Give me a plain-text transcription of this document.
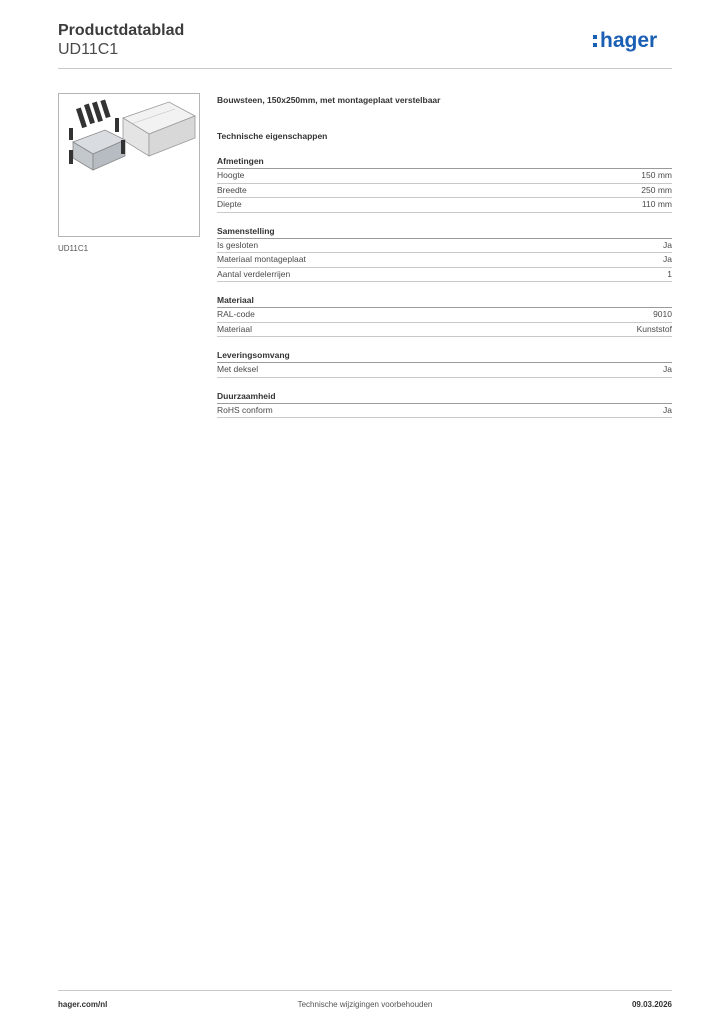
Productdatablad
UD11C1	hager
UD11C1
Bouwsteen, 150x250mm, met montageplaat verstelbaar
Technische eigenschappen
Afmetingen
Hoogte	150 mm
Breedte	250 mm
Diepte	110 mm
Samenstelling
Is gesloten	Ja
Materiaal montageplaat	Ja
Aantal verdelerrijen	1
Materiaal
RAL-code	9010
Materiaal	Kunststof
Leveringsomvang
Met deksel	Ja
Duurzaamheid
RoHS conform	Ja
hager.com/nl	Technische wijzigingen voorbehouden	09.03.2026
